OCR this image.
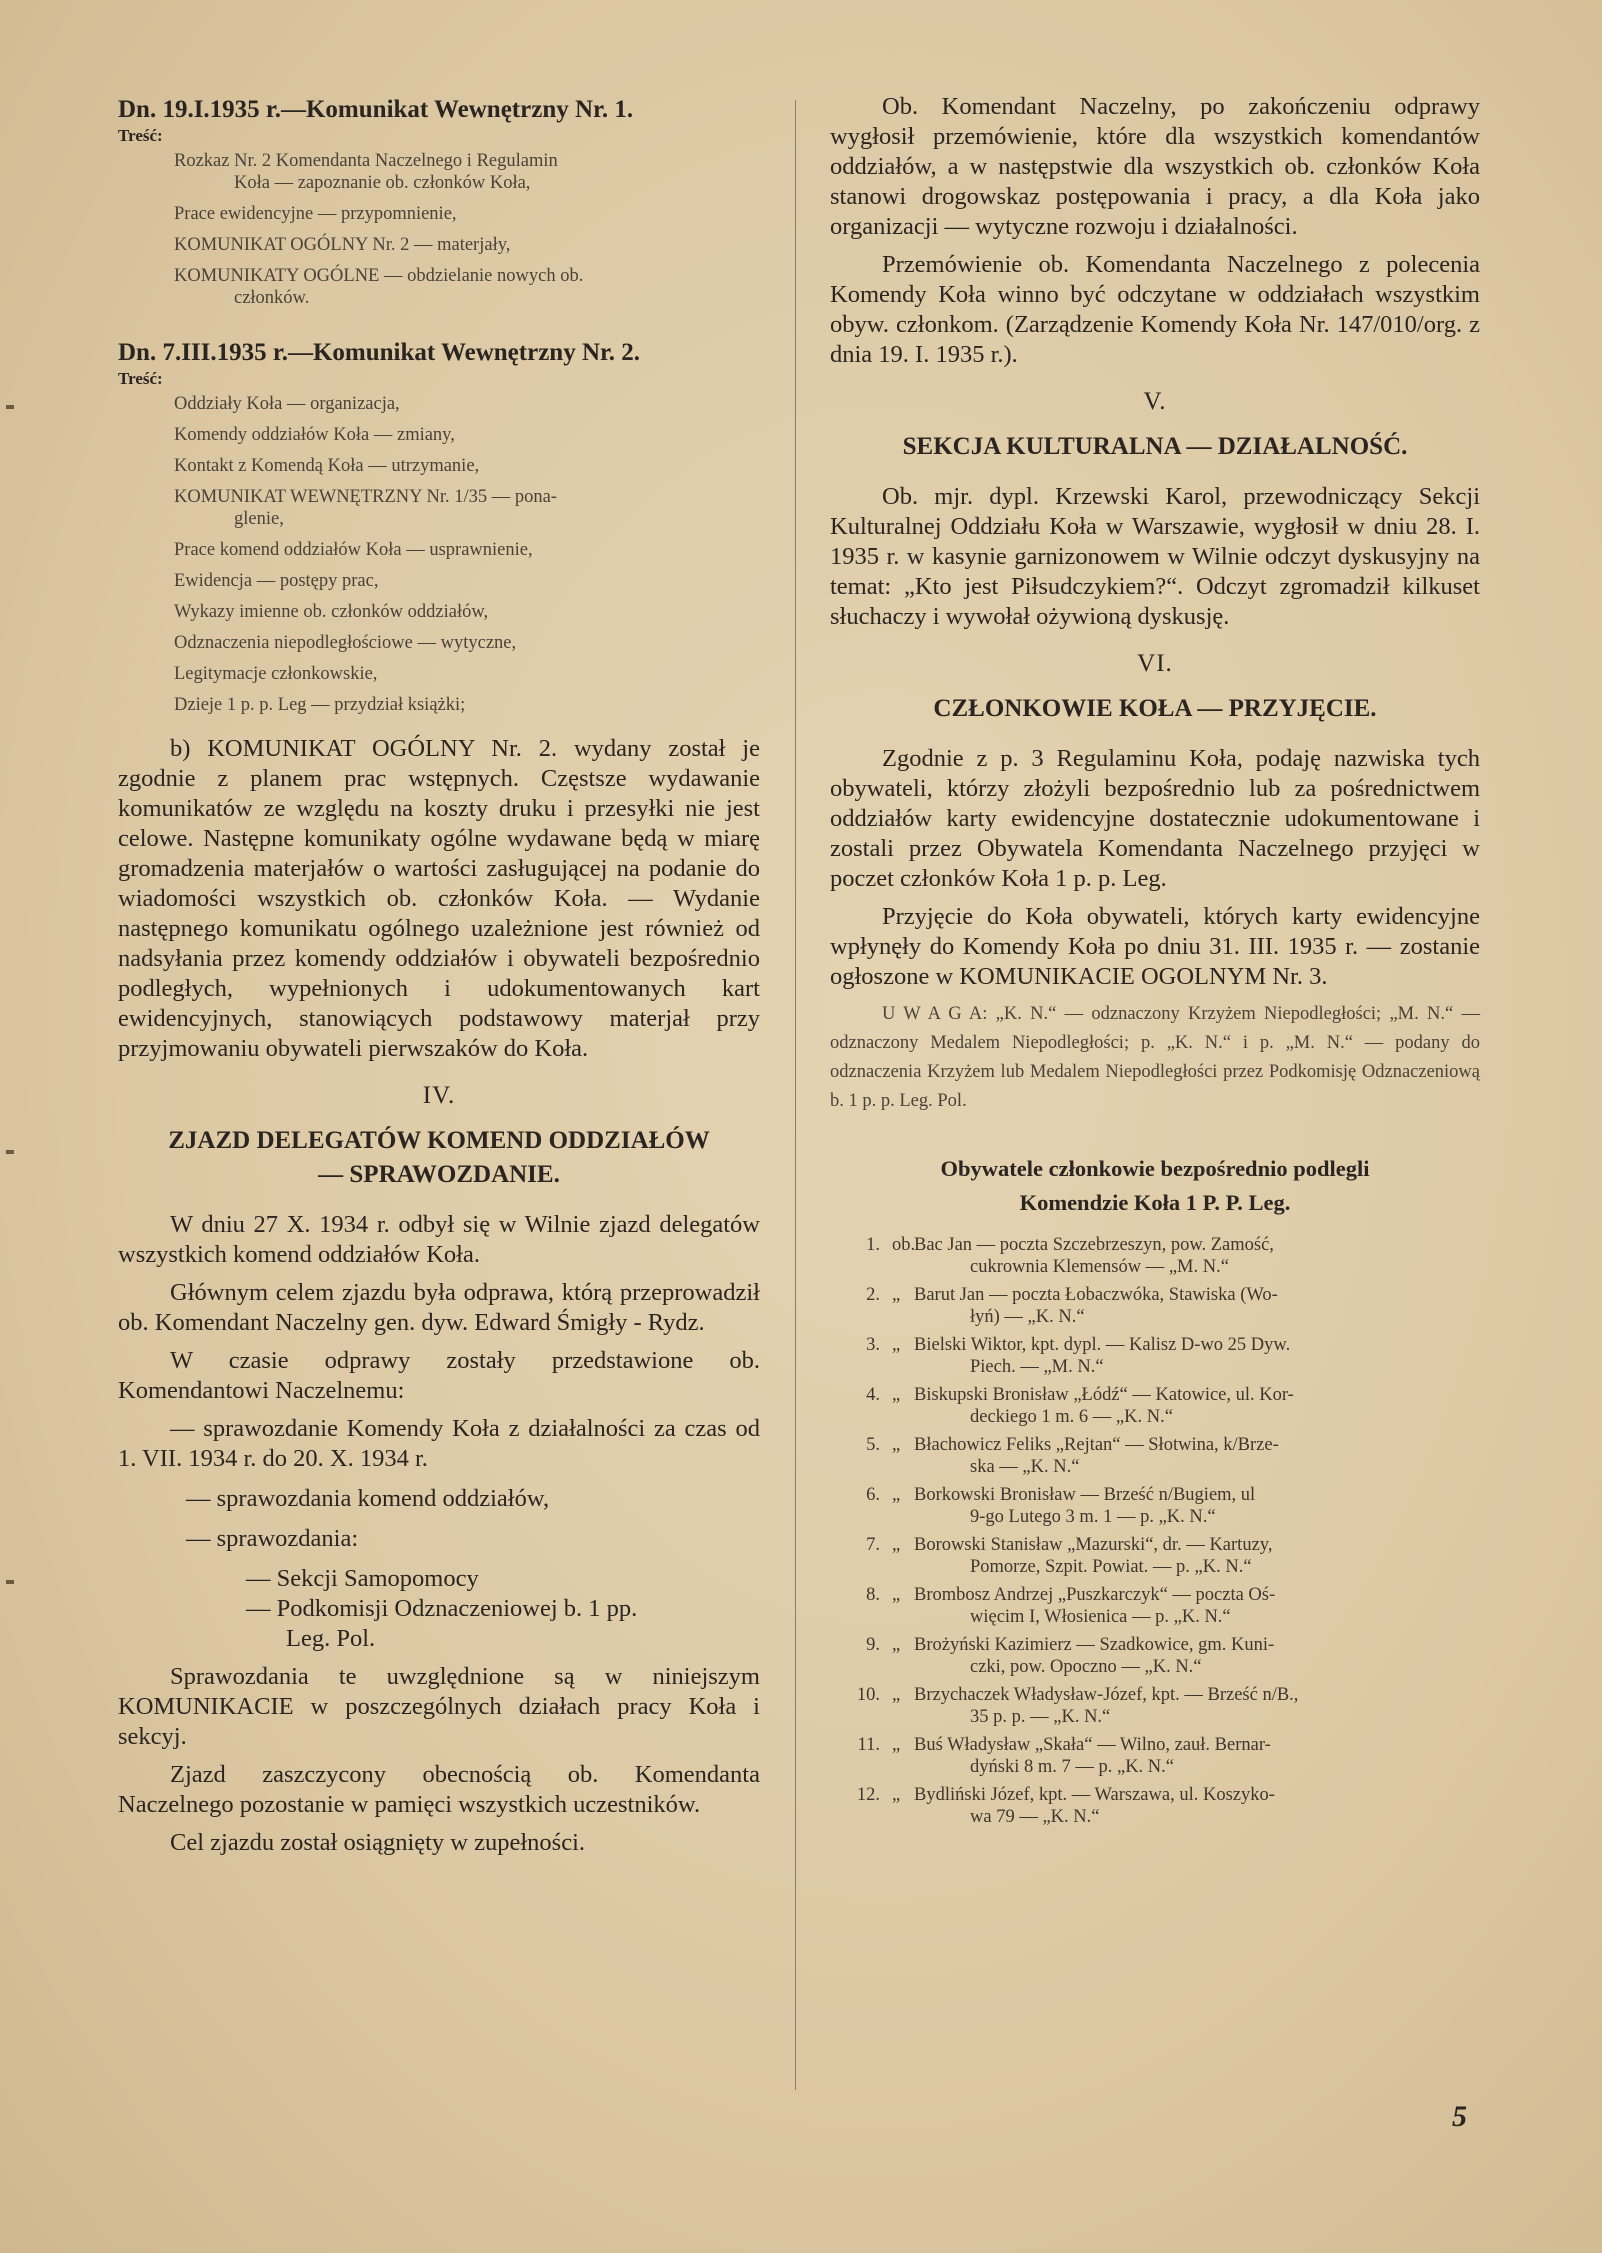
Dn. 19.I.1935 r.—Komunikat Wewnętrzny Nr. 1.
Treść:
Rozkaz Nr. 2 Komendanta Naczelnego i Regulamin
Koła — zapoznanie ob. członków Koła,
Prace ewidencyjne — przypomnienie,
KOMUNIKAT OGÓLNY Nr. 2 — materjały,
KOMUNIKATY OGÓLNE — obdzielanie nowych ob.
członków.
Dn. 7.III.1935 r.—Komunikat Wewnętrzny Nr. 2.
Treść:
Oddziały Koła — organizacja,
Komendy oddziałów Koła — zmiany,
Kontakt z Komendą Koła — utrzymanie,
KOMUNIKAT WEWNĘTRZNY Nr. 1/35 — pona-
glenie,
Prace komend oddziałów Koła — usprawnienie,
Ewidencja — postępy prac,
Wykazy imienne ob. członków oddziałów,
Odznaczenia niepodległościowe — wytyczne,
Legitymacje członkowskie,
Dzieje 1 p. p. Leg — przydział książki;

b) KOMUNIKAT OGÓLNY Nr. 2. wydany został je zgodnie z planem prac wstępnych. Częstsze wydawanie komunikatów ze względu na koszty druku i przesyłki nie jest celowe. Następne komunikaty ogólne wydawane będą w miarę gromadzenia materjałów o wartości zasługującej na podanie do wiadomości wszystkich ob. członków Koła. — Wydanie następnego komunikatu ogólnego uzależnione jest również od nadsyłania przez komendy oddziałów i obywateli bezpośrednio podległych, wypełnionych i udokumentowanych kart ewidencyjnych, stanowiących podstawowy materjał przy przyjmowaniu obywateli pierwszaków do Koła.

IV.
ZJAZD DELEGATÓW KOMEND ODDZIAŁÓW
— SPRAWOZDANIE.

W dniu 27 X. 1934 r. odbył się w Wilnie zjazd delegatów wszystkich komend oddziałów Koła.

Głównym celem zjazdu była odprawa, którą przeprowadził ob. Komendant Naczelny gen. dyw. Edward Śmigły - Rydz.

W czasie odprawy zostały przedstawione ob. Komendantowi Naczelnemu:

— sprawozdanie Komendy Koła z działalności za czas od 1. VII. 1934 r. do 20. X. 1934 r.

— sprawozdania komend oddziałów,

— sprawozdania:

— Sekcji Samopomocy

— Podkomisji Odznaczeniowej b. 1 pp.

Leg. Pol.

Sprawozdania te uwzględnione są w niniejszym KOMUNIKACIE w poszczególnych działach pracy Koła i sekcyj.

Zjazd zaszczycony obecnością ob. Komendanta Naczelnego pozostanie w pamięci wszystkich uczestników.

Cel zjazdu został osiągnięty w zupełności.

Ob. Komendant Naczelny, po zakończeniu odprawy wygłosił przemówienie, które dla wszystkich komendantów oddziałów, a w następstwie dla wszystkich ob. członków Koła stanowi drogowskaz postępowania i pracy, a dla Koła jako organizacji — wytyczne rozwoju i działalności.

Przemówienie ob. Komendanta Naczelnego z polecenia Komendy Koła winno być odczytane w oddziałach wszystkim obyw. członkom. (Zarządzenie Komendy Koła Nr. 147/010/org. z dnia 19. I. 1935 r.).

V.
SEKCJA KULTURALNA — DZIAŁALNOŚĆ.

Ob. mjr. dypl. Krzewski Karol, przewodniczący Sekcji Kulturalnej Oddziału Koła w Warszawie, wygłosił w dniu 28. I. 1935 r. w kasynie garnizonowem w Wilnie odczyt dyskusyjny na temat: „Kto jest Piłsudczykiem?“. Odczyt zgromadził kilkuset słuchaczy i wywołał ożywioną dyskusję.

VI.
CZŁONKOWIE KOŁA — PRZYJĘCIE.

Zgodnie z p. 3 Regulaminu Koła, podaję nazwiska tych obywateli, którzy złożyli bezpośrednio lub za pośrednictwem oddziałów karty ewidencyjne dostatecznie udokumentowane i zostali przez Obywatela Komendanta Naczelnego przyjęci w poczet członków Koła 1 p. p. Leg.

Przyjęcie do Koła obywateli, których karty ewidencyjne wpłynęły do Komendy Koła po dniu 31. III. 1935 r. — zostanie ogłoszone w KOMUNIKACIE OGOLNYM Nr. 3.

U W A G A: „K. N.“ — odznaczony Krzyżem Niepodległości; „M. N.“ — odznaczony Medalem Niepodległości; p. „K. N.“ i p. „M. N.“ — podany do odznaczenia Krzyżem lub Medalem Niepodległości przez Podkomisję Odznaczeniową b. 1 p. p. Leg. Pol.

Obywatele członkowie bezpośrednio podlegli
Komendzie Koła 1 P. P. Leg.
1. ob.
Bac Jan — poczta Szczebrzeszyn, pow. Zamość,
cukrownia Klemensów — „M. N.“
2. „ Barut Jan — poczta Łobaczwóka, Stawiska (Wo-
łyń) — „K. N.“
3. „ Bielski Wiktor, kpt. dypl. — Kalisz D-wo 25 Dyw.
Piech. — „M. N.“
4. „ Biskupski Bronisław „Łódź“ — Katowice, ul. Kor-
deckiego 1 m. 6 — „K. N.“
5. „ Błachowicz Feliks „Rejtan“ — Słotwina, k/Brze-
ska — „K. N.“
6. „ Borkowski Bronisław — Brześć n/Bugiem, ul
9-go Lutego 3 m. 1 — p. „K. N.“
7. „ Borowski Stanisław „Mazurski“, dr. — Kartuzy,
Pomorze, Szpit. Powiat. — p. „K. N.“
8. „ Brombosz Andrzej „Puszkarczyk“ — poczta Oś-
więcim I, Włosienica — p. „K. N.“
9. „ Brożyński Kazimierz — Szadkowice, gm. Kuni-
czki, pow. Opoczno — „K. N.“
10. „ Brzychaczek Władysław-Józef, kpt. — Brześć n/B.,
35 p. p. — „K. N.“
11. „ Buś Władysław „Skała“ — Wilno, zauł. Bernar-
dyński 8 m. 7 — p. „K. N.“
12. „ Bydliński Józef, kpt. — Warszawa, ul. Koszyko-
wa 79 — „K. N.“
5
